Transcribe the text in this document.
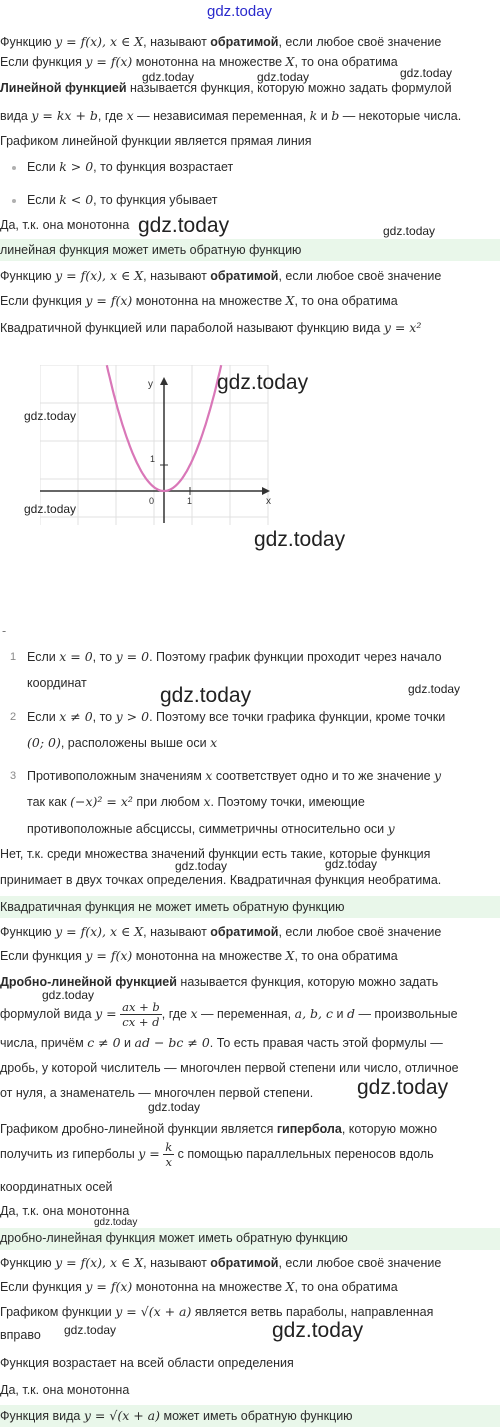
gdz.today
Функцию y = f(x), x ∈ X, называют обратимой, если любое своё значение
Если функция y = f(x) монотонна на множестве X, то она обратима
Линейной функцией называется функция, которую можно задать формулой
вида y = kx + b, где x — независимая переменная, k и b — некоторые числа.
Графиком линейной функции является прямая линия
Если k > 0, то функция возрастает
Если k < 0, то функция убывает
Да, т.к. она монотонна
линейная функция может иметь обратную функцию
Функцию y = f(x), x ∈ X, называют обратимой, если любое своё значение
Если функция y = f(x) монотонна на множестве X, то она обратима
Квадратичной функцией или параболой называют функцию вида y = x²
y
x
0	1
1
-
1 Если x = 0, то y = 0. Поэтому график функции проходит через начало
координат
2 Если x ≠ 0, то y > 0. Поэтому все точки графика функции, кроме точки
(0; 0), расположены выше оси x
3 Противоположным значениям x соответствует одно и то же значение y
так как (−x)² = x² при любом x. Поэтому точки, имеющие
противоположные абсциссы, симметричны относительно оси y
Нет, т.к. среди множества значений функции есть такие, которые функция
принимает в двух точках определения. Квадратичная функция необратима.
Квадратичная функция не может иметь обратную функцию
Функцию y = f(x), x ∈ X, называют обратимой, если любое своё значение
Если функция y = f(x) монотонна на множестве X, то она обратима
Дробно-линейной функцией называется функция, которую можно задать
формулой вида $y = \frac{ax + b}{cx + d}$ , где x — переменная, a, b, c и d — произвольные
числа, причём c ≠ 0 и ad − bc ≠ 0. То есть правая часть этой формулы —
дробь, у которой числитель — многочлен первой степени или число, отличное
от нуля, а знаменатель — многочлен первой степени.
Графиком дробно-линейной функции является гипербола, которую можно
получить из гиперболы $y = \frac{k}{x}$ с помощью параллельных переносов вдоль
координатных осей
Да, т.к. она монотонна
дробно-линейная функция может иметь обратную функцию
Функцию y = f(x), x ∈ X, называют обратимой, если любое своё значение
Если функция y = f(x) монотонна на множестве X, то она обратима
Графиком функции y = √(x + a) является ветвь параболы, направленная
вправо
Функция возрастает на всей области определения
Да, т.к. она монотонна
Функция вида y = √(x + a) может иметь обратную функцию
gdz.today	gdz.today	gdz.today
gdz.today	gdz.today
gdz.today
gdz.today
gdz.today
gdz.today
gdz.today	gdz.today
gdz.today	gdz.today
gdz.today
gdz.today
gdz.today
gdz.today
gdz.today	gdz.today
